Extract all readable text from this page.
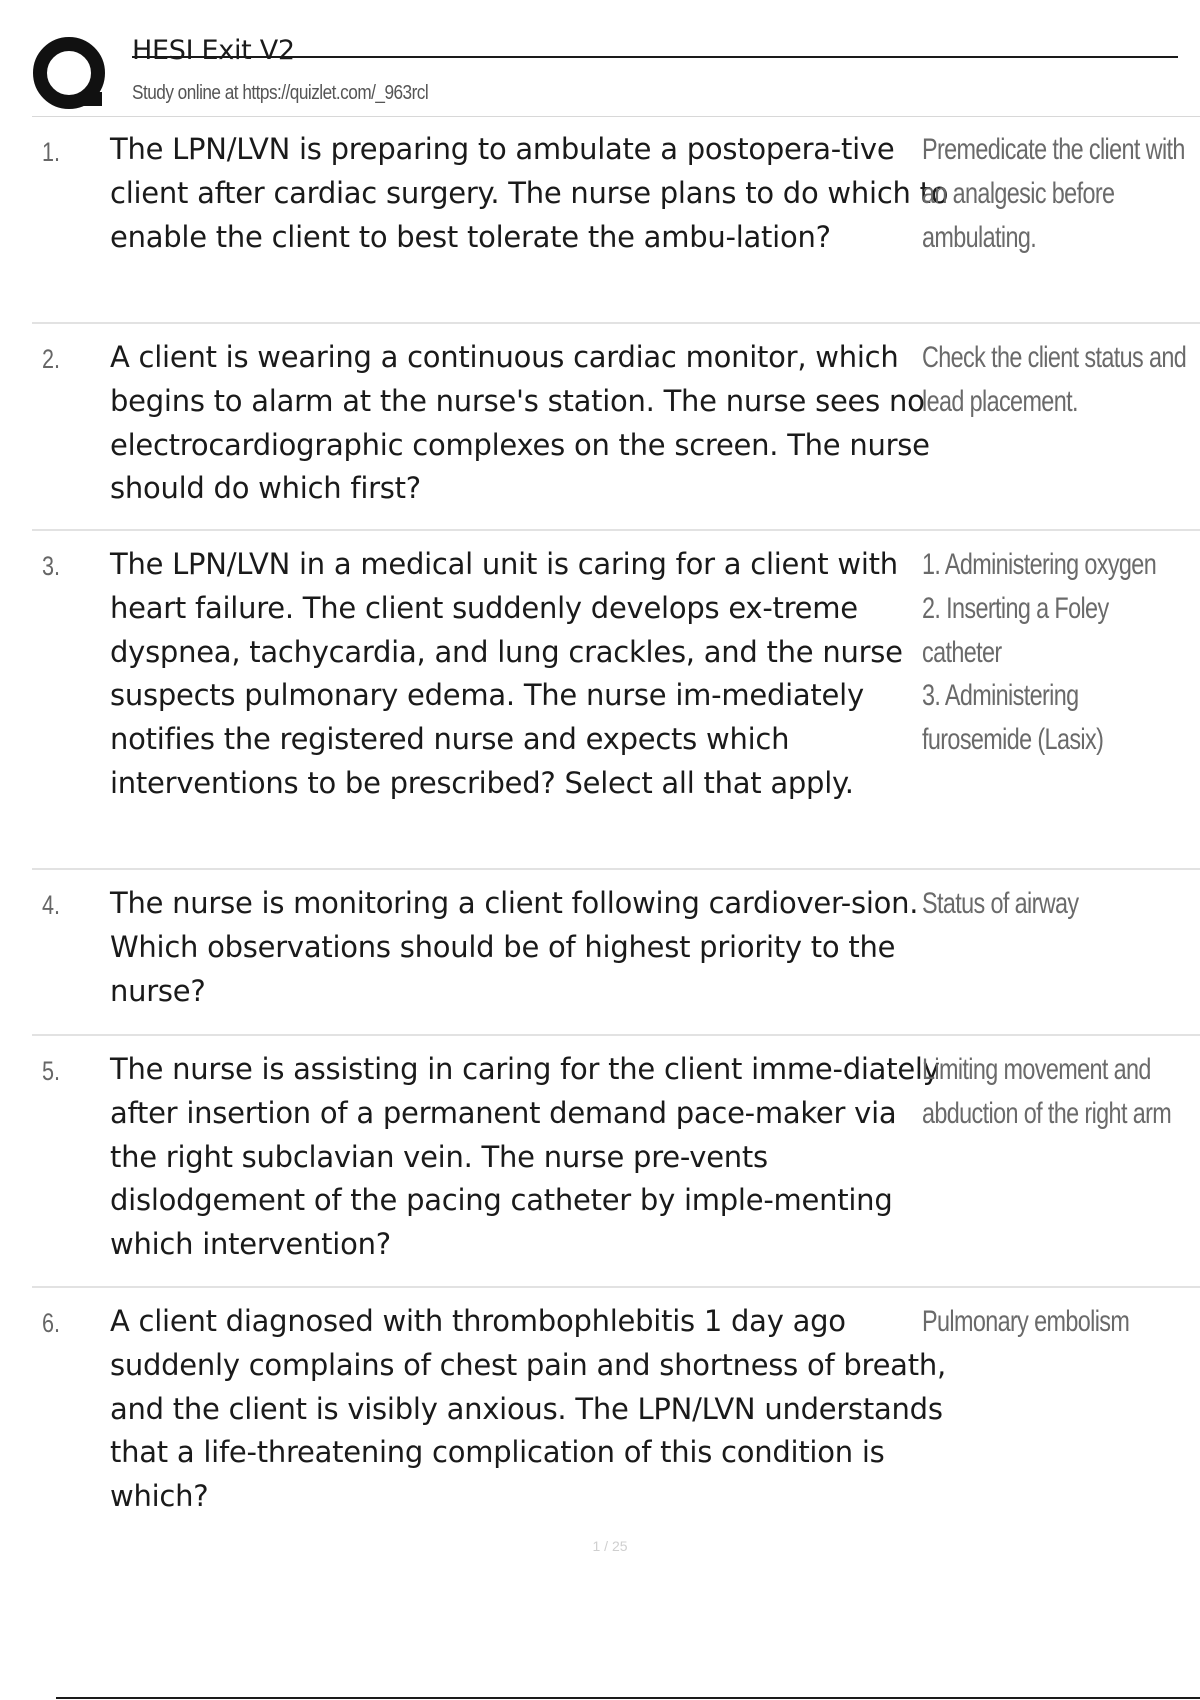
HESI Exit V2
Study online at https://quizlet.com/_963rcl
1. The LPN/LVN is preparing to ambulate a postopera-tive client after cardiac surgery. The nurse plans to do which to enable the client to best tolerate the ambu-lation?
Premedicate the client with an analgesic before ambulating.
2. A client is wearing a continuous cardiac monitor, which begins to alarm at the nurse's station. The nurse sees no electrocardiographic complexes on the screen. The nurse should do which first?
Check the client status and lead placement.
3. The LPN/LVN in a medical unit is caring for a client with heart failure. The client suddenly develops ex-treme dyspnea, tachycardia, and lung crackles, and the nurse suspects pulmonary edema. The nurse im-mediately notifies the registered nurse and expects which interventions to be prescribed? Select all that apply.
1. Administering oxygen
2. Inserting a Foley catheter
3. Administering furosemide (Lasix)
4. The nurse is monitoring a client following cardiover-sion. Which observations should be of highest priority to the nurse?
Status of airway
5. The nurse is assisting in caring for the client imme-diately after insertion of a permanent demand pace-maker via the right subclavian vein. The nurse pre-vents dislodgement of the pacing catheter by imple-menting which intervention?
Limiting movement and abduction of the right arm
6. A client diagnosed with thrombophlebitis 1 day ago suddenly complains of chest pain and shortness of breath, and the client is visibly anxious. The LPN/LVN understands that a life-threatening complication of this condition is which?
Pulmonary embolism
1 / 25
